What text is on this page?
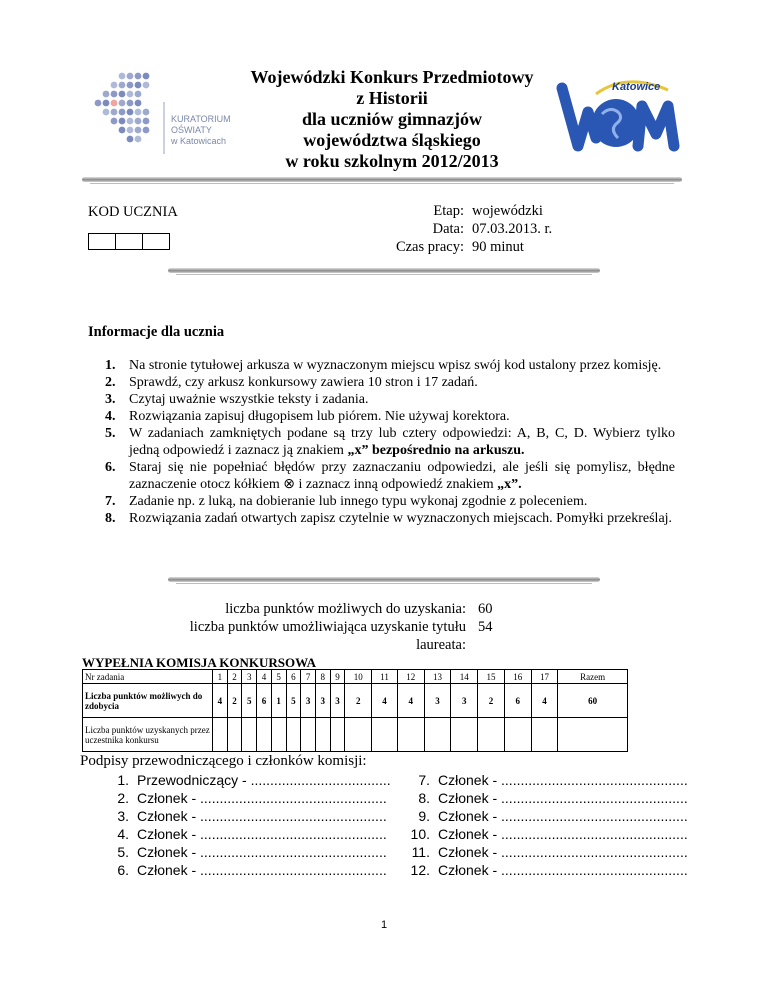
KURATORIUM
OŚWIATY
w Katowicach
Wojewódzki Konkurs Przedmiotowy
z Historii
dla uczniów gimnazjów
województwa śląskiego
w roku szkolnym 2012/2013
Katowice
KOD UCZNIA	Etap: wojewódzki
Data: 07.03.2013. r.
Czas pracy: 90 minut
Informacje dla ucznia
1. Na stronie tytułowej arkusza w wyznaczonym miejscu wpisz swój kod ustalony przez komisję.
2. Sprawdź, czy arkusz konkursowy zawiera 10 stron i 17 zadań.
3. Czytaj uważnie wszystkie teksty i zadania.
4. Rozwiązania zapisuj długopisem lub piórem. Nie używaj korektora.
5. W zadaniach zamkniętych podane są trzy lub cztery odpowiedzi: A, B, C, D. Wybierz tylko jedną odpowiedź i zaznacz ją znakiem „x” bezpośrednio na arkuszu.
6. Staraj się nie popełniać błędów przy zaznaczaniu odpowiedzi, ale jeśli się pomylisz, błędne zaznaczenie otocz kółkiem ⊗ i zaznacz inną odpowiedź znakiem „x”.
7. Zadanie np. z luką, na dobieranie lub innego typu wykonaj zgodnie z poleceniem.
8. Rozwiązania zadań otwartych zapisz czytelnie w wyznaczonych miejscach. Pomyłki przekreślaj.
liczba punktów możliwych do uzyskania: 60
liczba punktów umożliwiająca uzyskanie tytułu laureata:
54
WYPEŁNIA KOMISJA KONKURSOWA
Nr zadania	1	2	3	4	5	6	7	8	9	10	11	12	13	14	15	16	17	Razem
Liczba punktów możliwych do zdobycia	4	2	5	6	1	5	3	3	3	2	4	4	3	3	2	6	4	60
Liczba punktów uzyskanych przez uczestnika konkursu																		
Podpisy przewodniczącego i członków komisji:
1. Przewodniczący - ....................................
2. Członek - ................................................
3. Członek - ................................................
4. Członek - ................................................
5. Członek - ................................................
6. Członek - ................................................
7. Członek - ................................................
8. Członek - ................................................
9. Członek - ................................................
10. Członek - ................................................
11. Członek - ................................................
12. Członek - ................................................
1
